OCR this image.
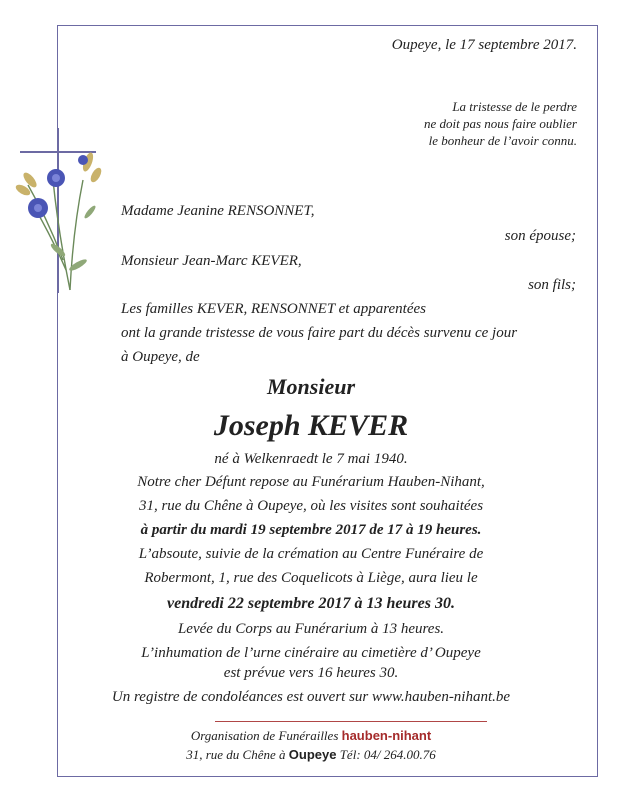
Oupeye, le 17 septembre 2017.
La tristesse de le perdre
ne doit pas nous faire oublier
le bonheur de l’avoir connu.
Madame Jeanine RENSONNET,
son épouse;
Monsieur Jean-Marc KEVER,
son fils;
Les familles KEVER, RENSONNET et apparentées
ont la grande tristesse de vous faire part du décès survenu ce jour
à Oupeye, de
Monsieur
Joseph KEVER
né à Welkenraedt le 7 mai 1940.
Notre cher Défunt repose au Funérarium Hauben-Nihant,
31, rue du Chêne à Oupeye, où les visites sont souhaitées
à partir du mardi 19 septembre 2017 de 17 à 19 heures.
L’absoute, suivie de la crémation au Centre Funéraire de
Robermont, 1, rue des Coquelicots à Liège, aura lieu le
vendredi 22 septembre 2017 à 13 heures 30.
Levée du Corps au Funérarium à 13 heures.
L’inhumation de l’urne cinéraire au cimetière d’ Oupeye
est prévue vers 16 heures 30.
Un registre de condoléances est ouvert sur www.hauben-nihant.be
Organisation de Funérailles hauben-nihant
31, rue du Chêne à Oupeye Tél: 04/ 264.00.76
